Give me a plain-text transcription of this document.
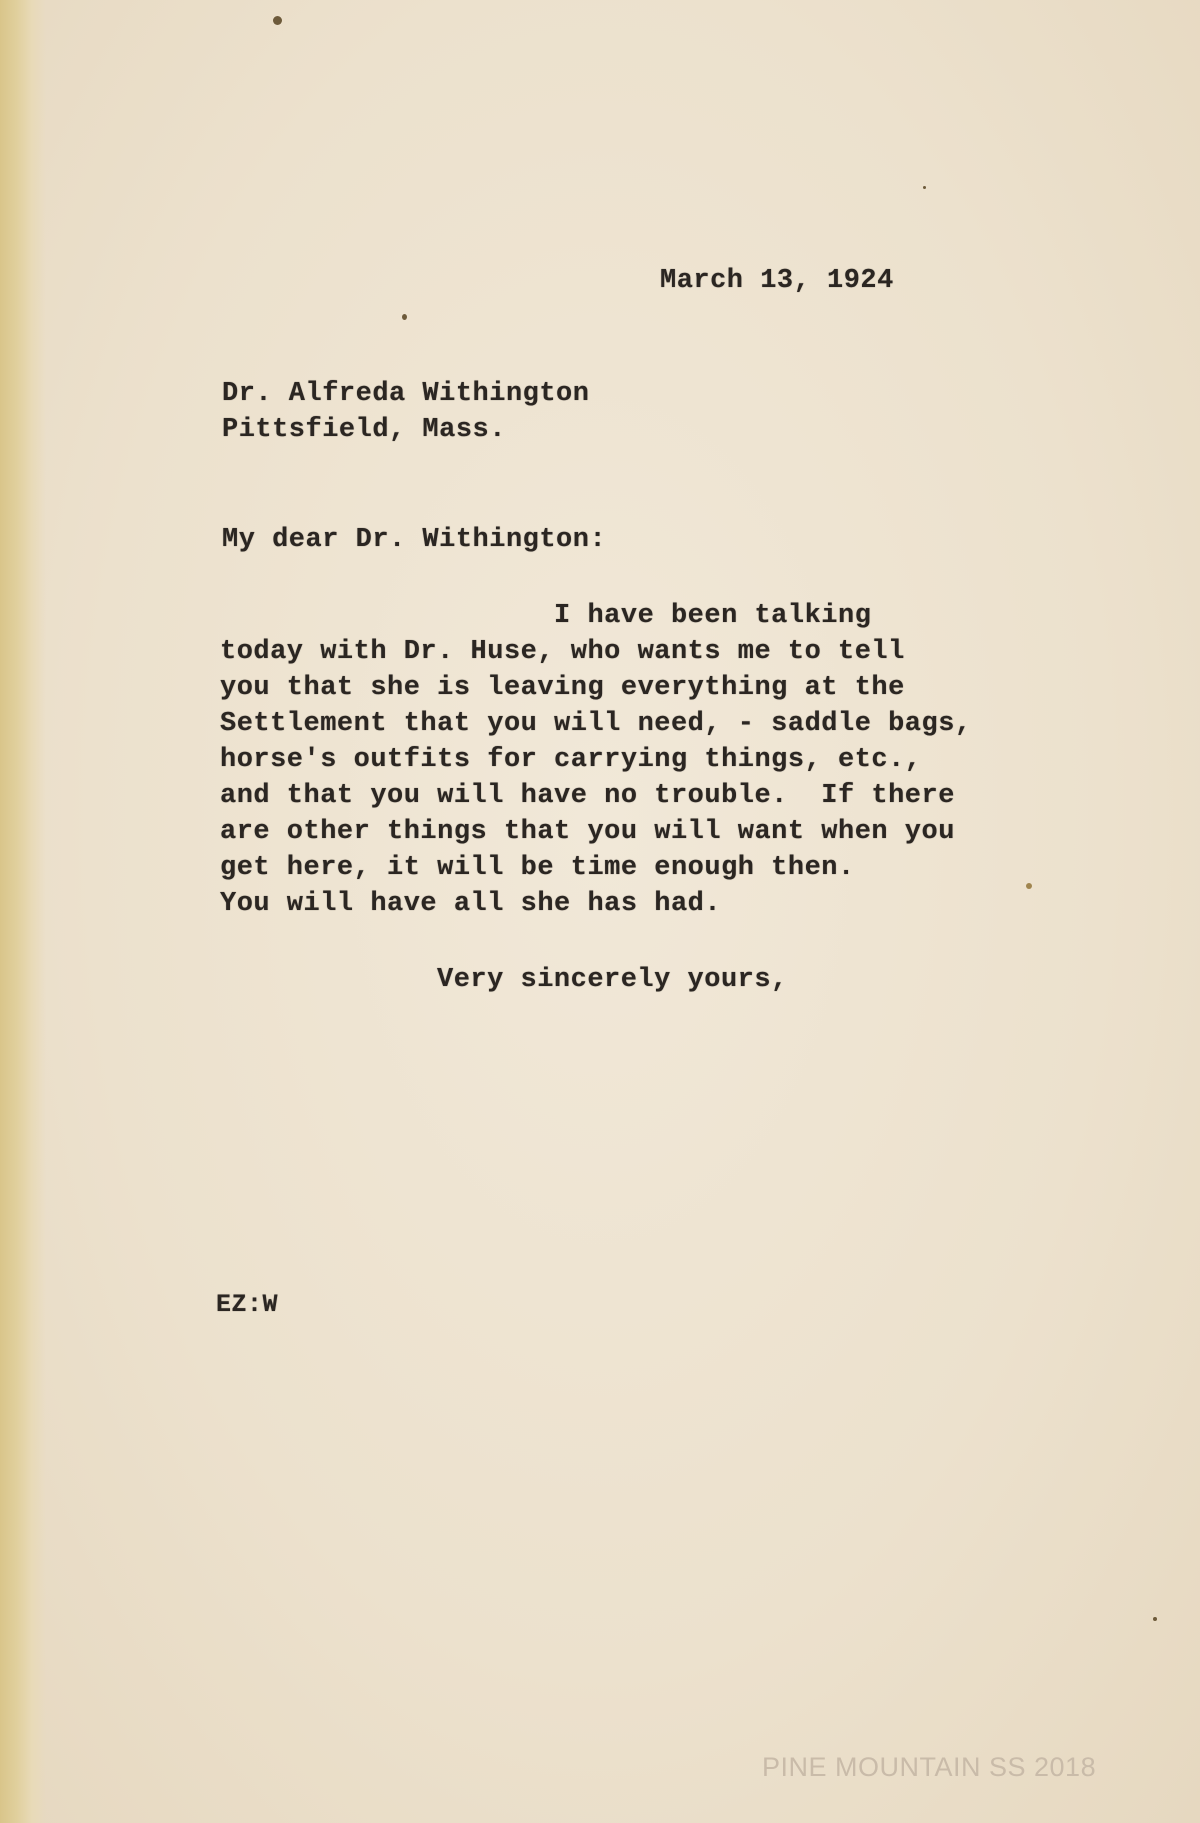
March 13, 1924
Dr. Alfreda Withington
Pittsfield, Mass.
My dear Dr. Withington:
I have been talking
today with Dr. Huse, who wants me to tell
you that she is leaving everything at the
Settlement that you will need, - saddle bags,
horse's outfits for carrying things, etc.,
and that you will have no trouble.  If there
are other things that you will want when you
get here, it will be time enough then.
You will have all she has had.
Very sincerely yours,
EZ:W
PINE MOUNTAIN SS 2018
